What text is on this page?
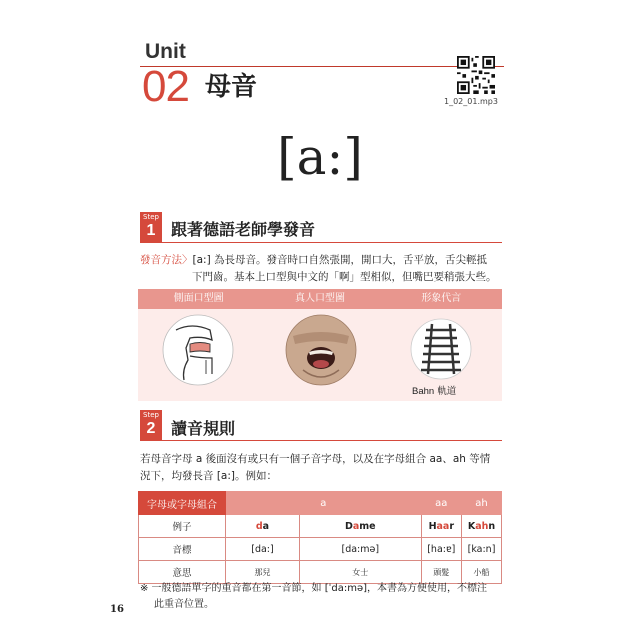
Unit
02 母音	1_02_01.mp3
[a:]
Step
1 跟著德語老師學發音
發音方法〉[a:] 為長母音。發音時口自然張開，開口大，舌平放，舌尖輕抵
下門齒。基本上口型與中文的「啊」型相似，但嘴巴要稍張大些。
側面口型圖	真人口型圖	形象代言
Bahn 軌道
Step
2 讀音規則
若母音字母 a 後面沒有或只有一個子音字母，以及在字母組合 aa、ah 等情
況下，均發長音 [a:]。例如：
字母或字母組合	a		aa	ah
例子	da	Dame	Haar	Kahn
音標	[da:]	[da:mə]	[ha:ɐ]	[ka:n]
意思	那兒	女士	頭髮	小船
※ 一般德語單字的重音都在第一音節，如 [ˈda:mə]，本書為方便使用，不標注
此重音位置。
16
